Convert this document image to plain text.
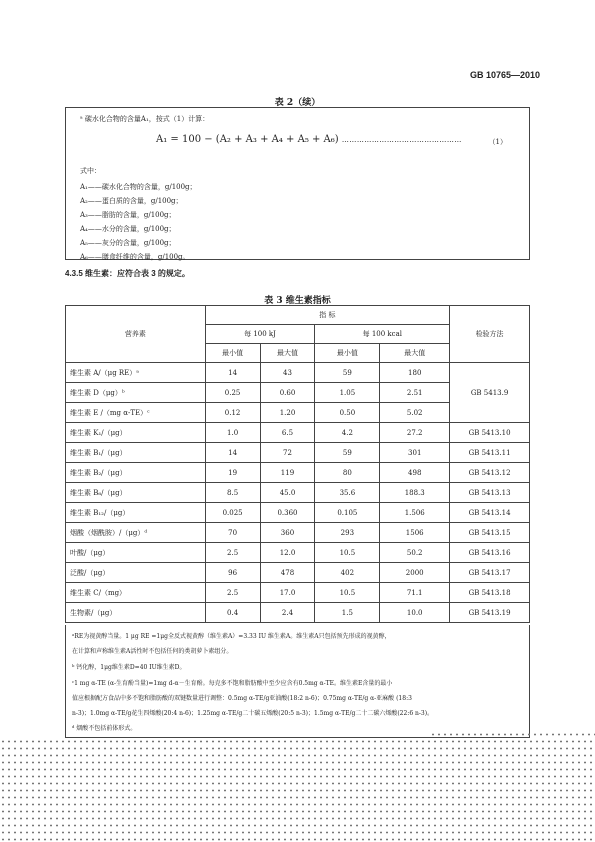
GB 10765—2010
表 2（续）
ᵃ 碳水化合物的含量A₁，按式（1）计算：
A₁ = 100 − (A₂ + A₃ + A₄ + A₅ + A₆) …………………………………………	（1）
式中：
A₁——碳水化合物的含量，g/100g；
A₂——蛋白质的含量，g/100g；
A₃——脂肪的含量，g/100g；
A₄——水分的含量，g/100g；
A₅——灰分的含量，g/100g；
A₆——膳食纤维的含量，g/100g。
4.3.5 维生素：应符合表 3 的规定。
表 3 维生素指标
营养素	指 标				检验方法
	每 100 kJ		每 100 kcal		
	最小值	最大值	最小值	最大值	
维生素 A/（μg RE）ᵃ	14	43	59	180	GB 5413.9
维生素 D（μg）ᵇ	0.25	0.60	1.05	2.51	
维生素 E /（mg α-TE）ᶜ	0.12	1.20	0.50	5.02	
维生素 K₁/（μg）	1.0	6.5	4.2	27.2	GB 5413.10
维生素 B₁/（μg）	14	72	59	301	GB 5413.11
维生素 B₂/（μg）	19	119	80	498	GB 5413.12
维生素 B₆/（μg）	8.5	45.0	35.6	188.3	GB 5413.13
维生素 B₁₂/（μg）	0.025	0.360	0.105	1.506	GB 5413.14
烟酸（烟酰胺）/（μg）ᵈ	70	360	293	1506	GB 5413.15
叶酸/（μg）	2.5	12.0	10.5	50.2	GB 5413.16
泛酸/（μg）	96	478	402	2000	GB 5413.17
维生素 C/（mg）	2.5	17.0	10.5	71.1	GB 5413.18
生物素/（μg）	0.4	2.4	1.5	10.0	GB 5413.19
ᵃRE为视黄醇当量。1 μg RE =1μg全反式视黄醇（维生素A）=3.33 IU 维生素A。维生素A只包括预先形成的视黄醇，
在计算和声称维生素A活性时不包括任何的类胡萝卜素组分。
ᵇ 钙化醇，1μg维生素D=40 IU维生素D。
ᶜ1 mg α-TE (α-生育酚当量)=1mg d-α－生育酚。每克多不饱和脂肪酸中至少应含有0.5mg α-TE。维生素E含量的最小
值应根据配方食品中多不饱和脂肪酸的双键数量进行调整：0.5mg α-TE/g亚油酸(18:2 n-6)；0.75mg α-TE/g α-亚麻酸 (18:3
n-3)；1.0mg α-TE/g花生四烯酸(20:4 n-6)；1.25mg α-TE/g二十碳五烯酸(20:5 n-3)；1.5mg α-TE/g二十二碳六烯酸(22:6 n-3)。
ᵈ 烟酸不包括前体形式。
